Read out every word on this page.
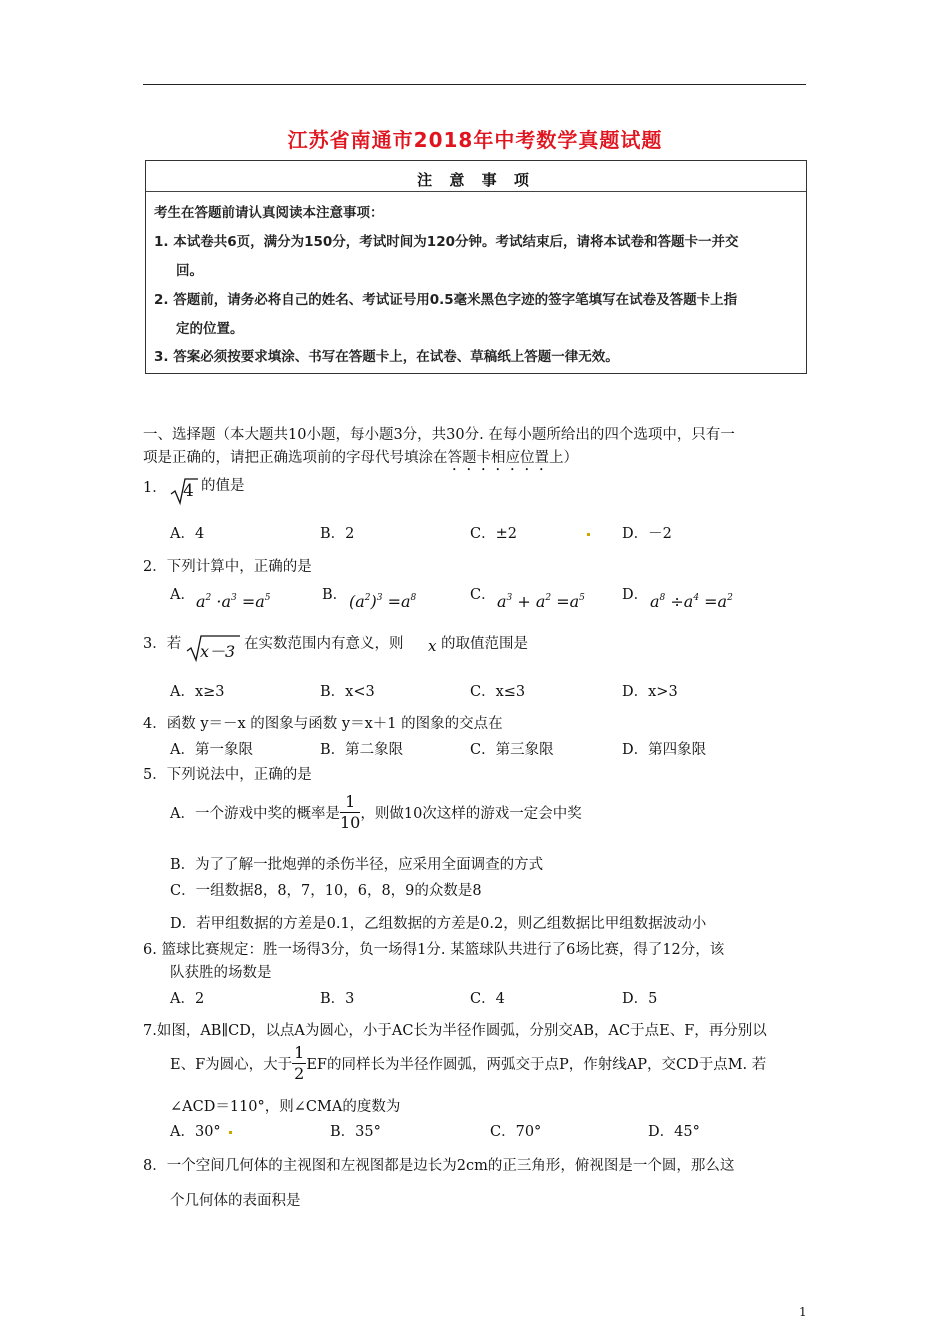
江苏省南通市2018年中考数学真题试题
注 意 事 项
考生在答题前请认真阅读本注意事项：
1. 本试卷共6页，满分为150分，考试时间为120分钟。考试结束后，请将本试卷和答题卡一并交
回。
2. 答题前，请务必将自己的姓名、考试证号用0.5毫米黑色字迹的签字笔填写在试卷及答题卡上指
定的位置。
3. 答案必须按要求填涂、书写在答题卡上，在试卷、草稿纸上答题一律无效。
一、选择题（本大题共10小题，每小题3分，共30分. 在每小题所给出的四个选项中，只有一
项是正确的，请把正确选项前的字母代号填涂在答题卡相应位置上）
1． 4 的值是
A．4	B．2	C．±2	D．－2
2．下列计算中，正确的是
A． $a^2 \cdot a^3 =a^5$	B． $(a^2)^3 =a^8$	C． $a^3 + a^2 =a^5$	D． $a^8 \div a^4 =a^2$
3．若 x－3 在实数范围内有意义，则 x 的取值范围是
A．x≥3	B．x<3	C．x≤3	D．x>3
4．函数 y＝－x 的图象与函数 y＝x＋1 的图象的交点在
A．第一象限	B．第二象限	C．第三象限	D．第四象限
5．下列说法中，正确的是
A．一个游戏中奖的概率是 $\frac{1}{10}$ ，则做10次这样的游戏一定会中奖
B．为了了解一批炮弹的杀伤半径，应采用全面调查的方式
C．一组数据8，8，7，10，6，8，9的众数是8
D．若甲组数据的方差是0.1，乙组数据的方差是0.2，则乙组数据比甲组数据波动小
6. 篮球比赛规定：胜一场得3分，负一场得1分. 某篮球队共进行了6场比赛，得了12分，该
队获胜的场数是
A．2	B．3	C．4	D．5
7.如图，AB∥CD，以点A为圆心，小于AC长为半径作圆弧，分别交AB，AC于点E、F，再分别以
E、F为圆心，大于 $\frac{1}{2}$ EF的同样长为半径作圆弧，两弧交于点P，作射线AP，交CD于点M. 若
∠ACD＝110°，则∠CMA的度数为
A．30°	B．35°	C．70°	D．45°
8．一个空间几何体的主视图和左视图都是边长为2cm的正三角形，俯视图是一个圆，那么这
个几何体的表面积是
1
